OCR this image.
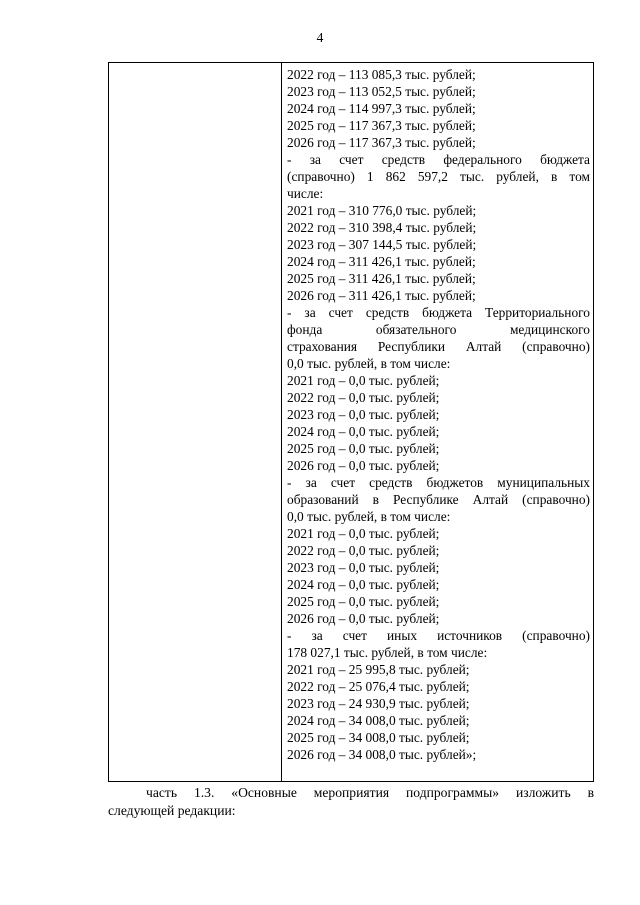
4
2022 год – 113 085,3 тыс. рублей;
2023 год – 113 052,5 тыс. рублей;
2024 год – 114 997,3 тыс. рублей;
2025 год – 117 367,3 тыс. рублей;
2026 год – 117 367,3 тыс. рублей;
- за счет средств федерального бюджета
(справочно) 1 862 597,2 тыс. рублей, в том
числе:
2021 год – 310 776,0 тыс. рублей;
2022 год – 310 398,4 тыс. рублей;
2023 год – 307 144,5 тыс. рублей;
2024 год – 311 426,1 тыс. рублей;
2025 год – 311 426,1 тыс. рублей;
2026 год – 311 426,1 тыс. рублей;
- за счет средств бюджета Территориального
фонда обязательного медицинского
страхования Республики Алтай (справочно)
0,0 тыс. рублей, в том числе:
2021 год – 0,0 тыс. рублей;
2022 год – 0,0 тыс. рублей;
2023 год – 0,0 тыс. рублей;
2024 год – 0,0 тыс. рублей;
2025 год – 0,0 тыс. рублей;
2026 год – 0,0 тыс. рублей;
- за счет средств бюджетов муниципальных
образований в Республике Алтай (справочно)
0,0 тыс. рублей, в том числе:
2021 год – 0,0 тыс. рублей;
2022 год – 0,0 тыс. рублей;
2023 год – 0,0 тыс. рублей;
2024 год – 0,0 тыс. рублей;
2025 год – 0,0 тыс. рублей;
2026 год – 0,0 тыс. рублей;
- за счет иных источников (справочно)
178 027,1 тыс. рублей, в том числе:
2021 год – 25 995,8 тыс. рублей;
2022 год – 25 076,4 тыс. рублей;
2023 год – 24 930,9 тыс. рублей;
2024 год – 34 008,0 тыс. рублей;
2025 год – 34 008,0 тыс. рублей;
2026 год – 34 008,0 тыс. рублей»;
часть 1.3. «Основные мероприятия подпрограммы» изложить в
следующей редакции:
